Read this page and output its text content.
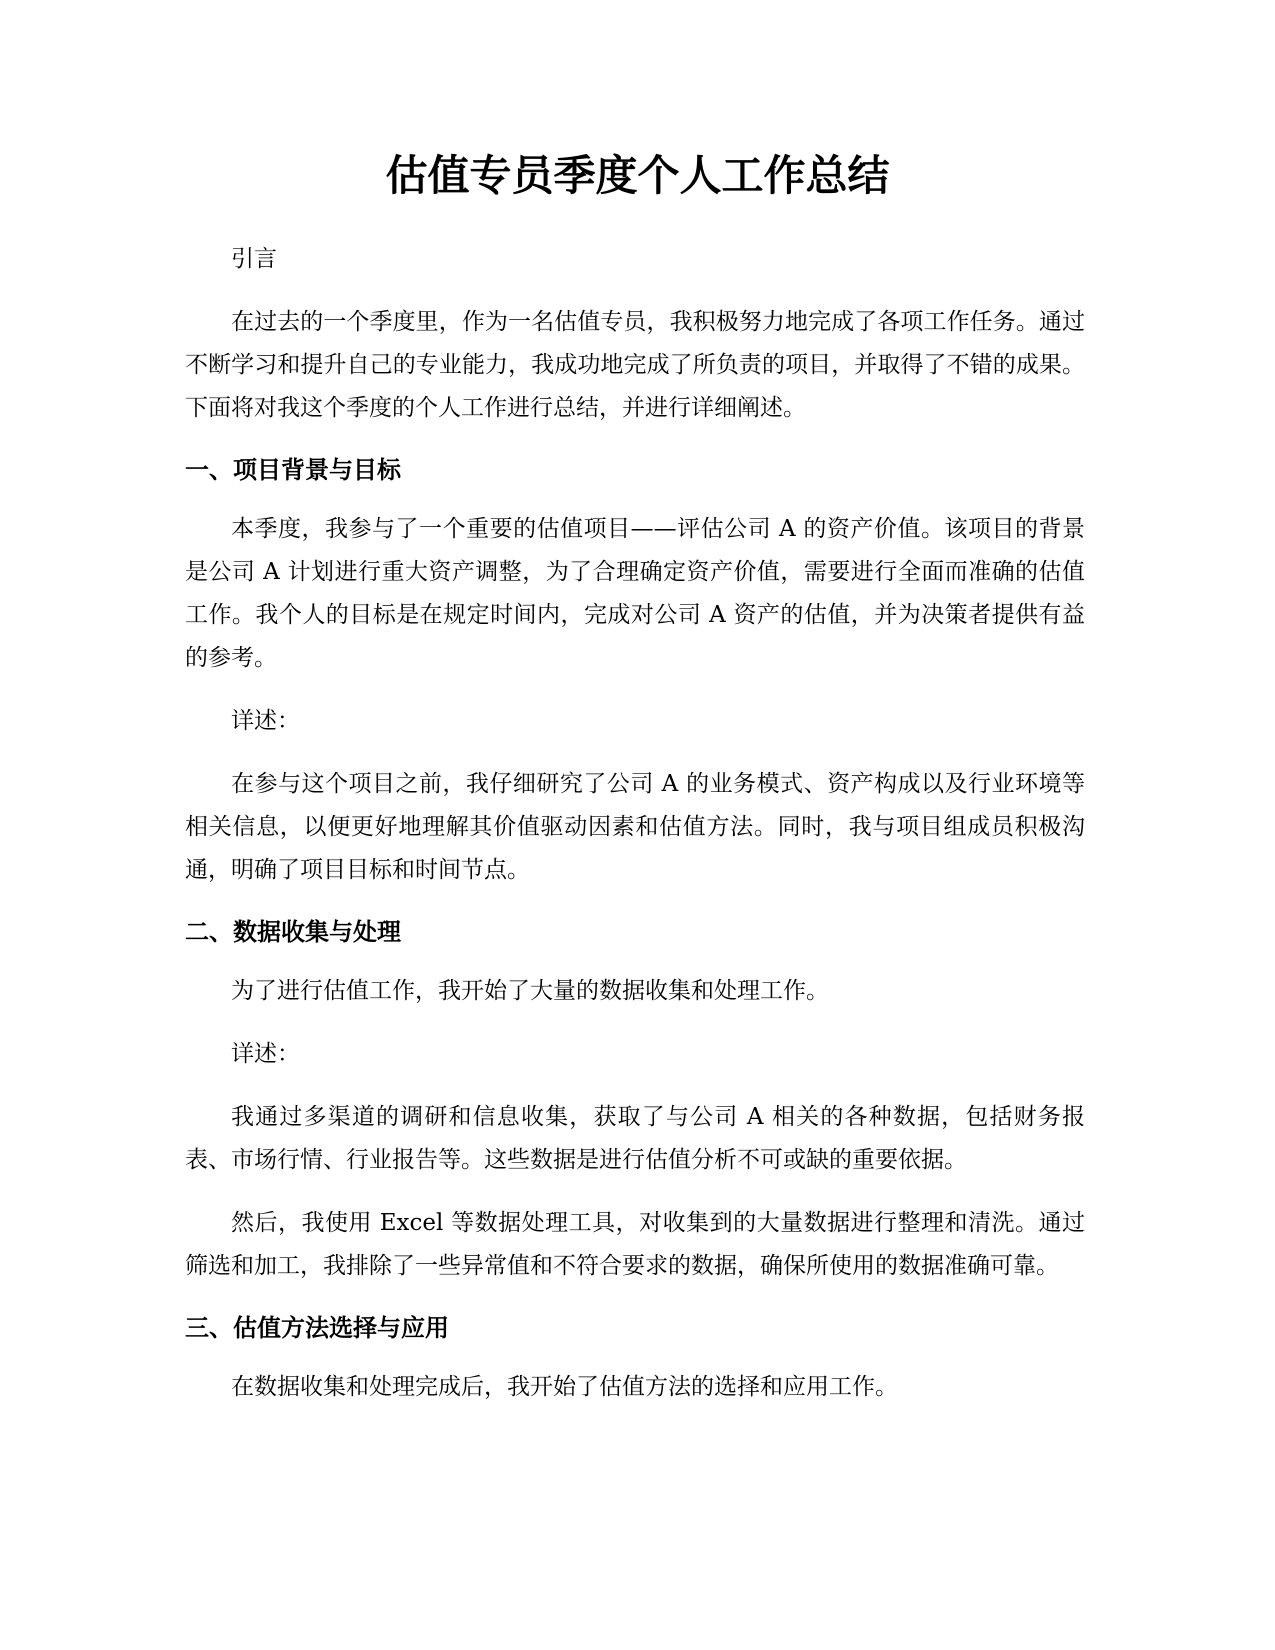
估值专员季度个人工作总结

引言

在过去的一个季度里，作为一名估值专员，我积极努力地完成了各项工作任务。通过不断学习和提升自己的专业能力，我成功地完成了所负责的项目，并取得了不错的成果。下面将对我这个季度的个人工作进行总结，并进行详细阐述。

一、项目背景与目标

本季度，我参与了一个重要的估值项目——评估公司 A 的资产价值。该项目的背景是公司 A 计划进行重大资产调整，为了合理确定资产价值，需要进行全面而准确的估值工作。我个人的目标是在规定时间内，完成对公司 A 资产的估值，并为决策者提供有益的参考。

详述：

在参与这个项目之前，我仔细研究了公司 A 的业务模式、资产构成以及行业环境等相关信息，以便更好地理解其价值驱动因素和估值方法。同时，我与项目组成员积极沟通，明确了项目目标和时间节点。

二、数据收集与处理

为了进行估值工作，我开始了大量的数据收集和处理工作。

详述：

我通过多渠道的调研和信息收集，获取了与公司 A 相关的各种数据，包括财务报表、市场行情、行业报告等。这些数据是进行估值分析不可或缺的重要依据。

然后，我使用 Excel 等数据处理工具，对收集到的大量数据进行整理和清洗。通过筛选和加工，我排除了一些异常值和不符合要求的数据，确保所使用的数据准确可靠。

三、估值方法选择与应用

在数据收集和处理完成后，我开始了估值方法的选择和应用工作。
